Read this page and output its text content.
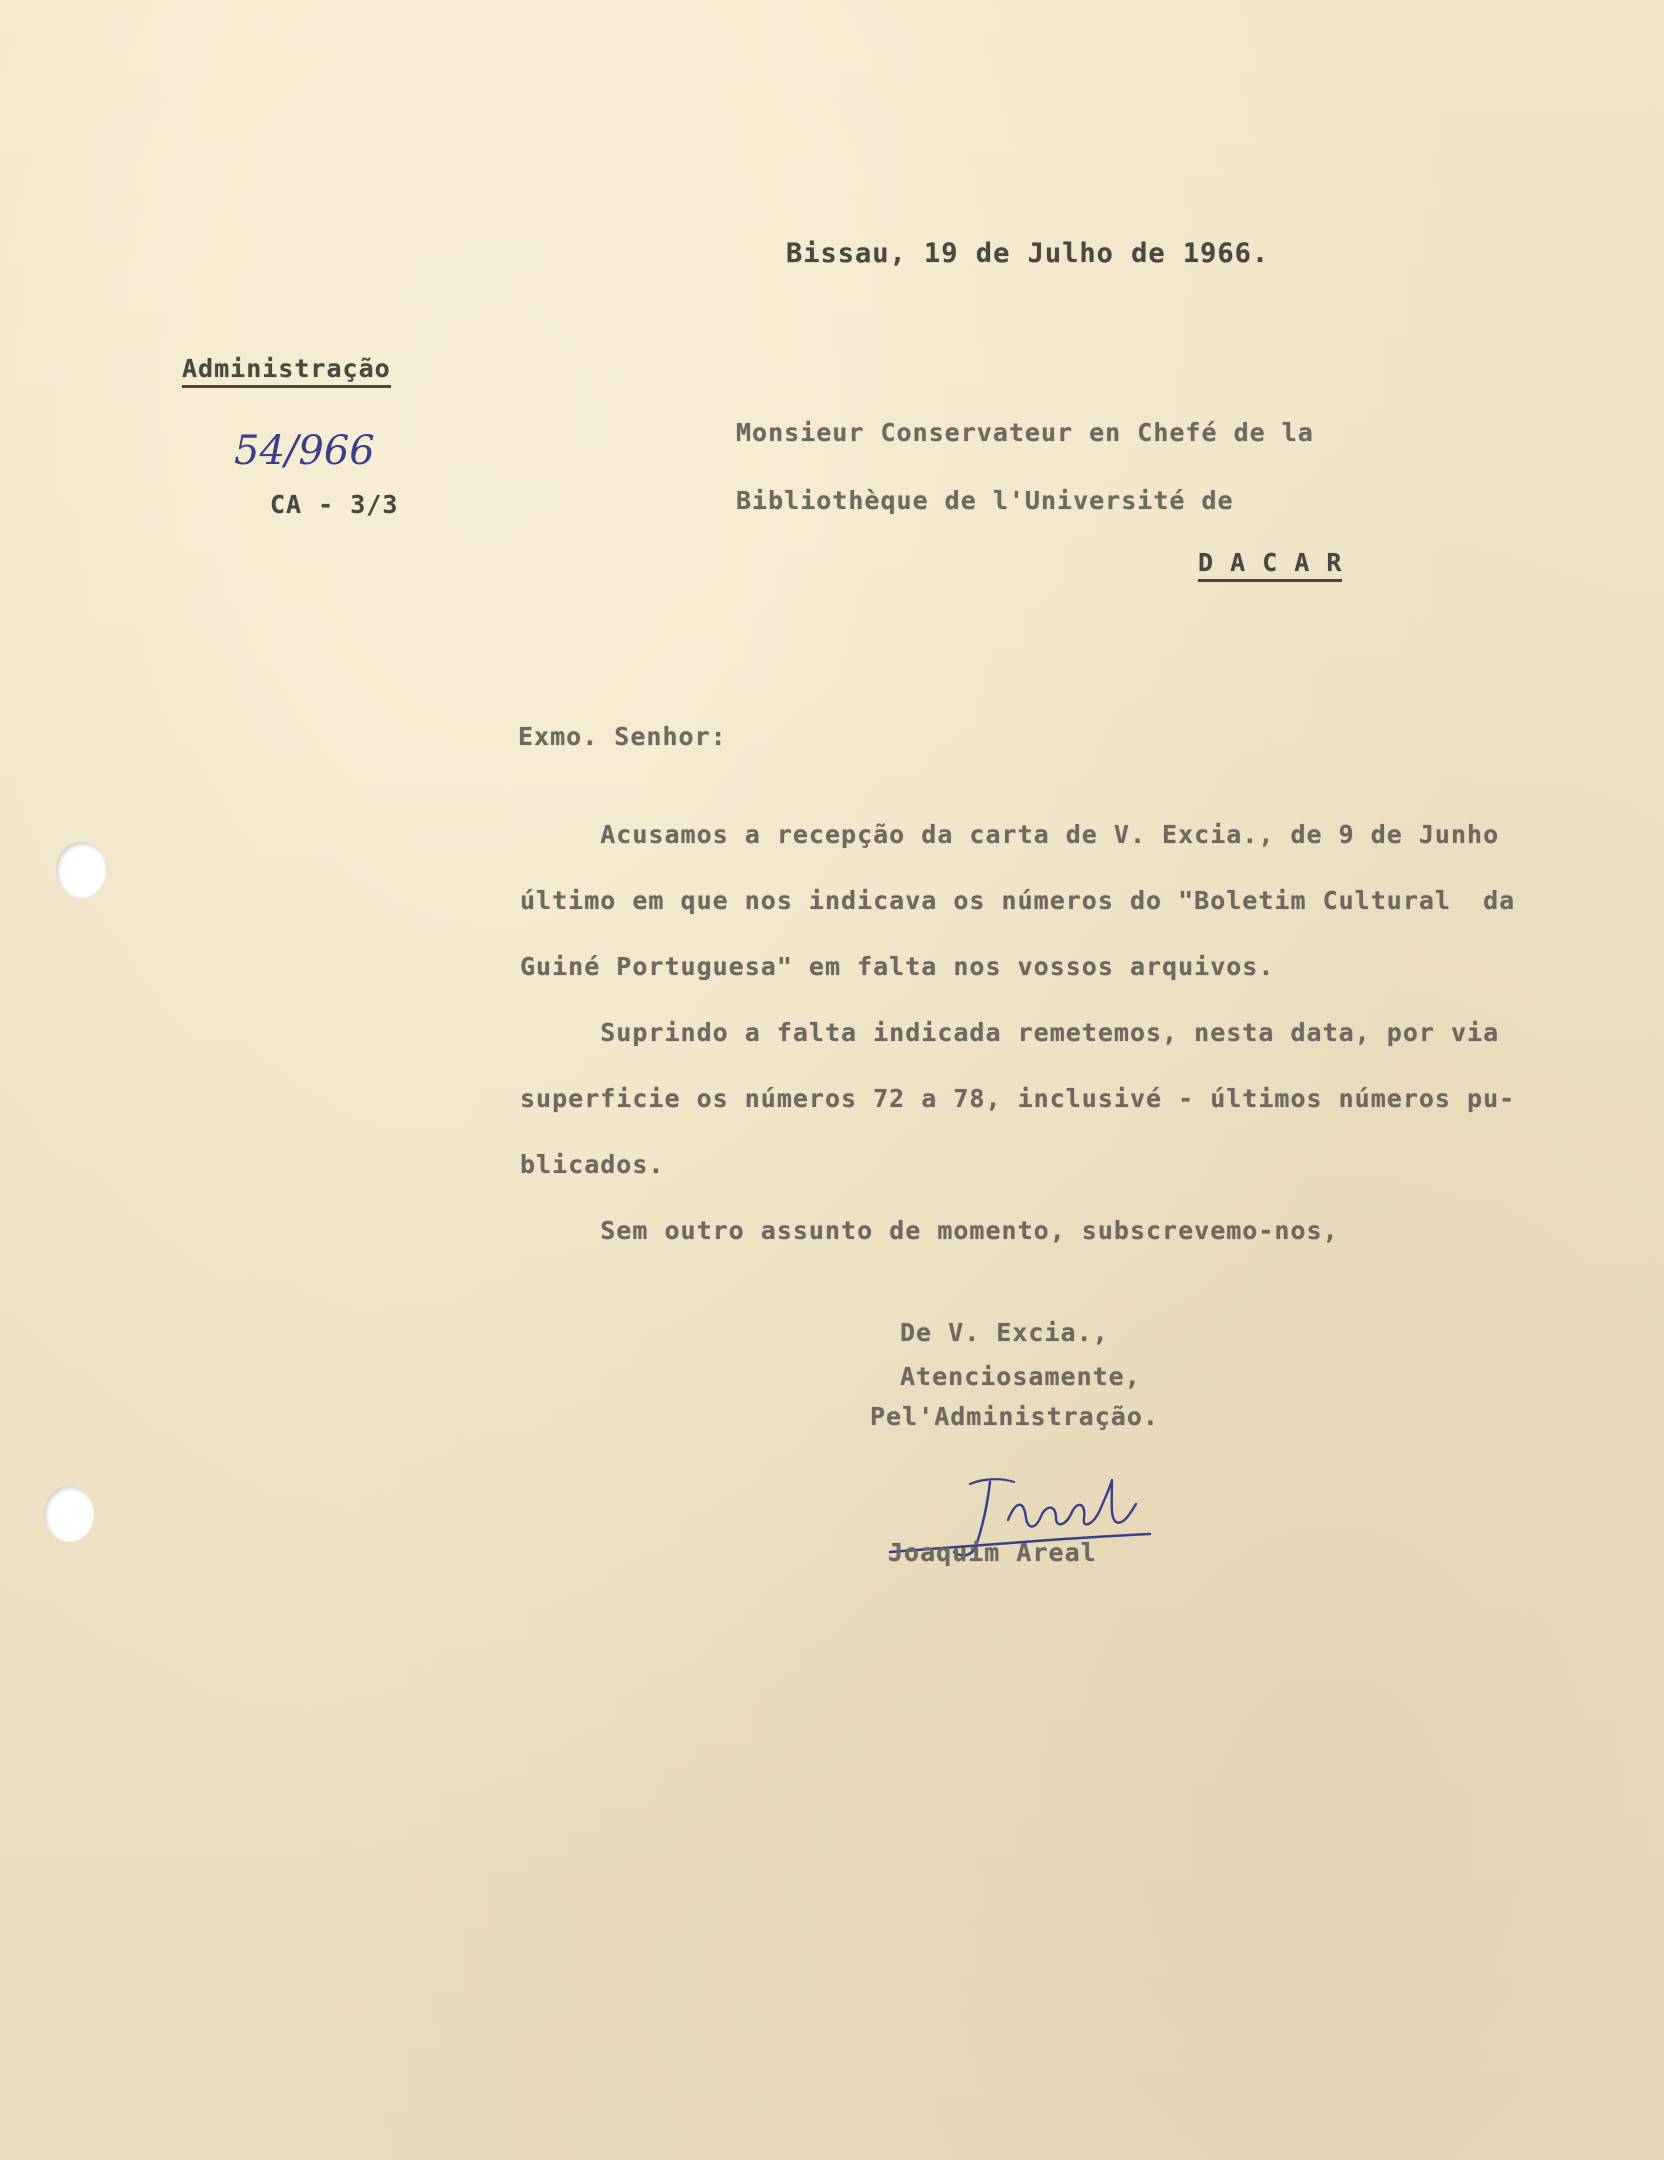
Bissau, 19 de Julho de 1966.
Administração
54/966
CA - 3/3
Monsieur Conservateur en Chefé de la
Bibliothèque de l'Université de
D A C A R
Exmo. Senhor:
Acusamos a recepção da carta de V. Excia., de 9 de Junho
último em que nos indicava os números do "Boletim Cultural  da
Guiné Portuguesa" em falta nos vossos arquivos.
Suprindo a falta indicada remetemos, nesta data, por via
superficie os números 72 a 78, inclusivé - últimos números pu-
blicados.
Sem outro assunto de momento, subscrevemo-nos,
De V. Excia.,
Atenciosamente,
Pel'Administração.
Joaquim Areal
